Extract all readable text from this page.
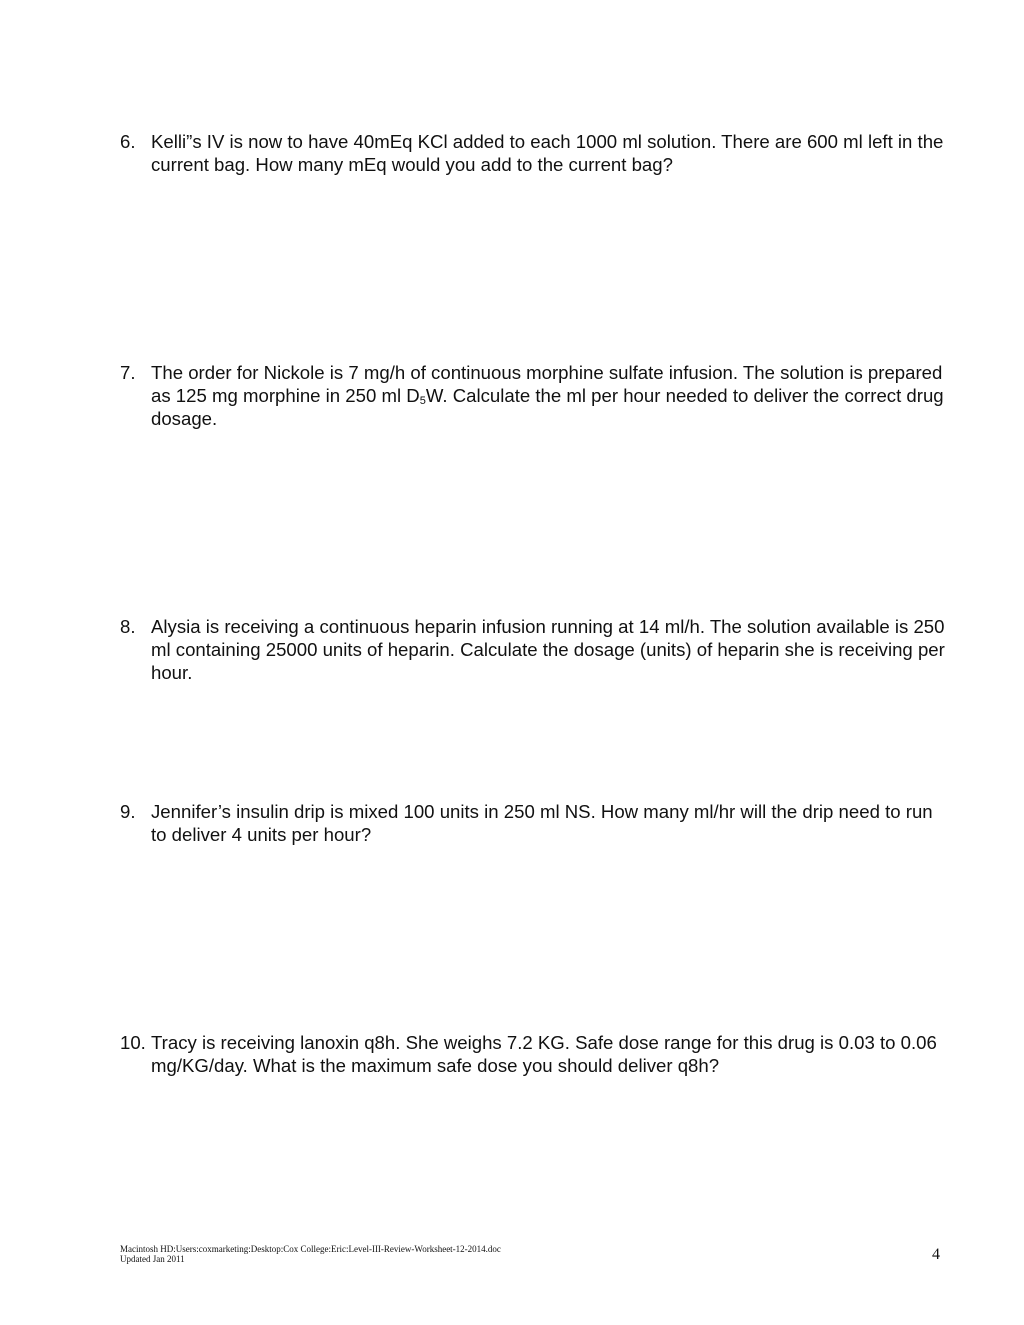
6. Kelli”s IV is now to have 40mEq KCl added to each 1000 ml solution. There are 600 ml left in the current bag. How many mEq would you add to the current bag?
7. The order for Nickole is 7 mg/h of continuous morphine sulfate infusion. The solution is prepared as 125 mg morphine in 250 ml $D_5W$. Calculate the ml per hour needed to deliver the correct drug dosage.
8. Alysia is receiving a continuous heparin infusion running at 14 ml/h. The solution available is 250 ml containing 25000 units of heparin. Calculate the dosage (units) of heparin she is receiving per hour.
9. Jennifer’s insulin drip is mixed 100 units in 250 ml NS. How many ml/hr will the drip need to run to deliver 4 units per hour?
10. Tracy is receiving lanoxin q8h. She weighs 7.2 KG. Safe dose range for this drug is 0.03 to 0.06 mg/KG/day. What is the maximum safe dose you should deliver q8h?
Macintosh HD:Users:coxmarketing:Desktop:Cox College:Eric:Level-III-Review-Worksheet-12-2014.doc
Updated Jan 2011	4
